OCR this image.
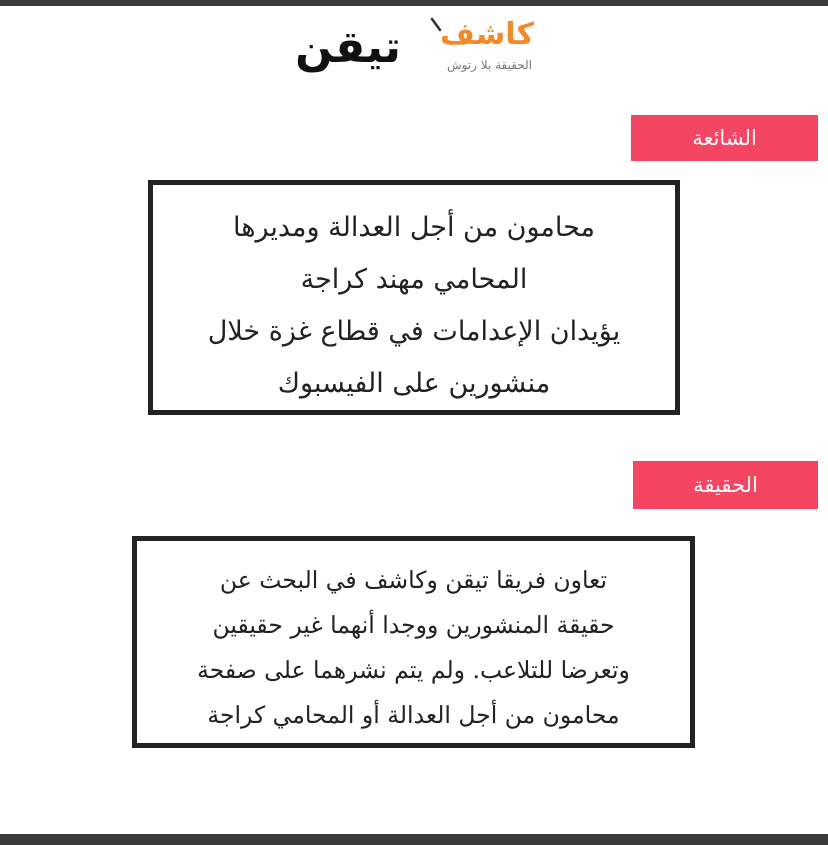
تيقن كاشف
الحقيقة بلا رتوش
الشائعة
محامون من أجل العدالة ومديرها
المحامي مهند كراجة
يؤيدان الإعدامات في قطاع غزة خلال
منشورين على الفيسبوك
الحقيقة
تعاون فريقا تيقن وكاشف في البحث عن
حقيقة المنشورين ووجدا أنهما غير حقيقين
وتعرضا للتلاعب. ولم يتم نشرهما على صفحة
محامون من أجل العدالة أو المحامي كراجة
